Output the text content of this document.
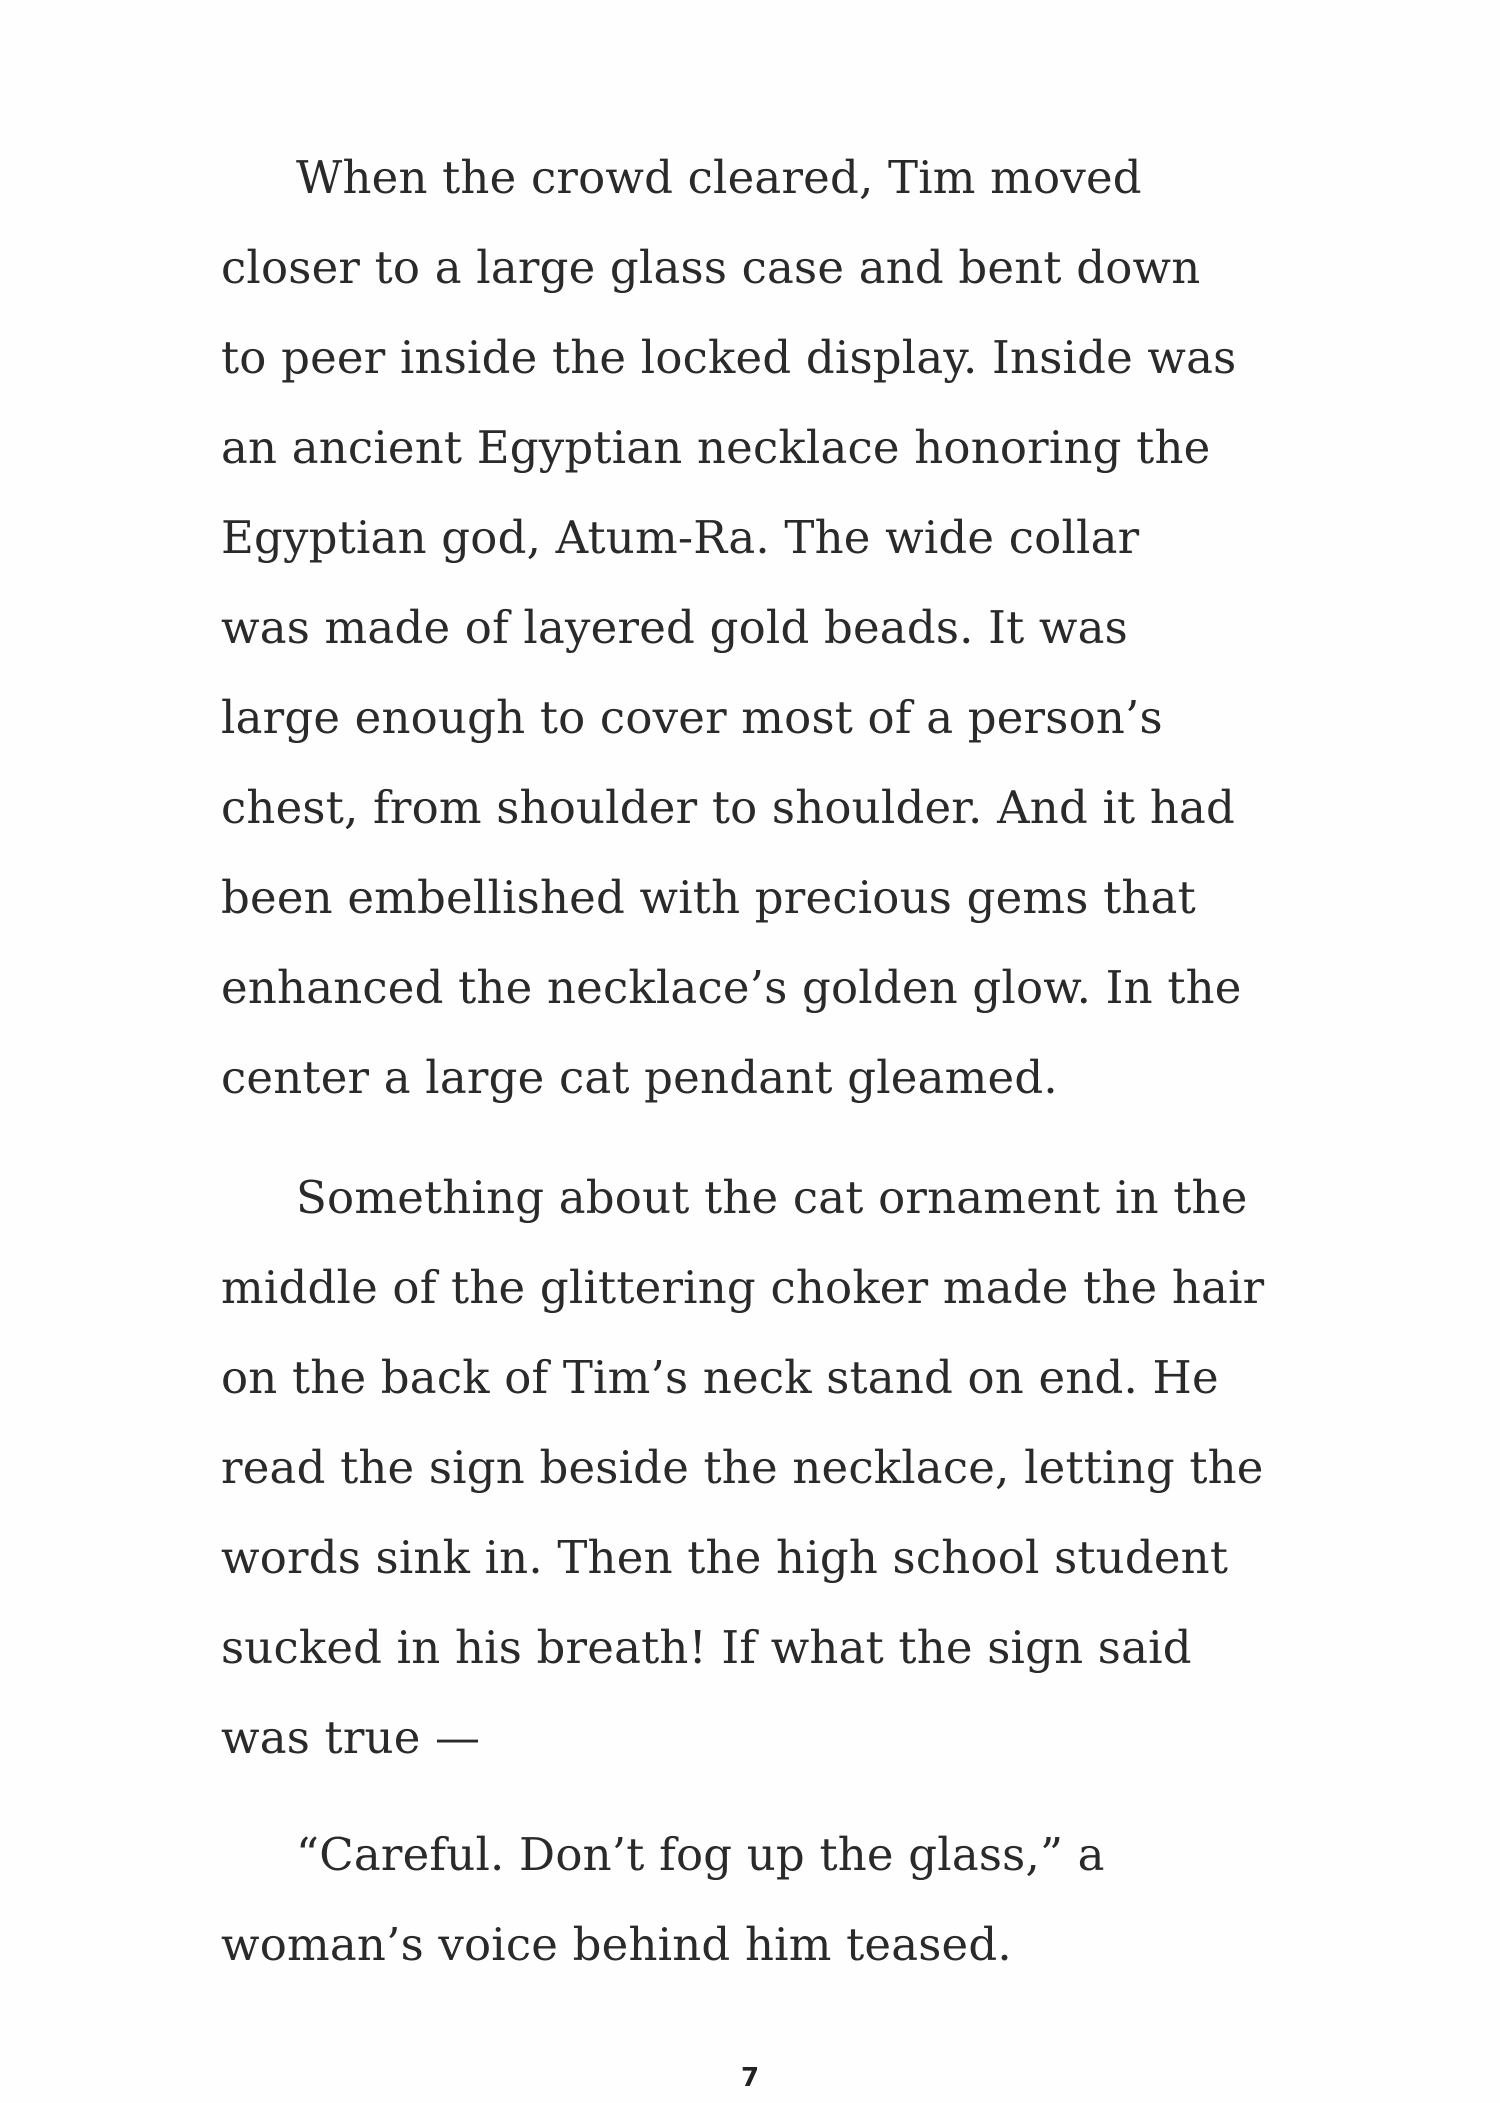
When the crowd cleared, Tim moved
closer to a large glass case and bent down
to peer inside the locked display. Inside was
an ancient Egyptian necklace honoring the
Egyptian god, Atum-Ra. The wide collar
was made of layered gold beads. It was
large enough to cover most of a person’s
chest, from shoulder to shoulder. And it had
been embellished with precious gems that
enhanced the necklace’s golden glow. In the
center a large cat pendant gleamed.
Something about the cat ornament in the
middle of the glittering choker made the hair
on the back of Tim’s neck stand on end. He
read the sign beside the necklace, letting the
words sink in. Then the high school student
sucked in his breath! If what the sign said
was true —
“Careful. Don’t fog up the glass,” a
woman’s voice behind him teased.
7
